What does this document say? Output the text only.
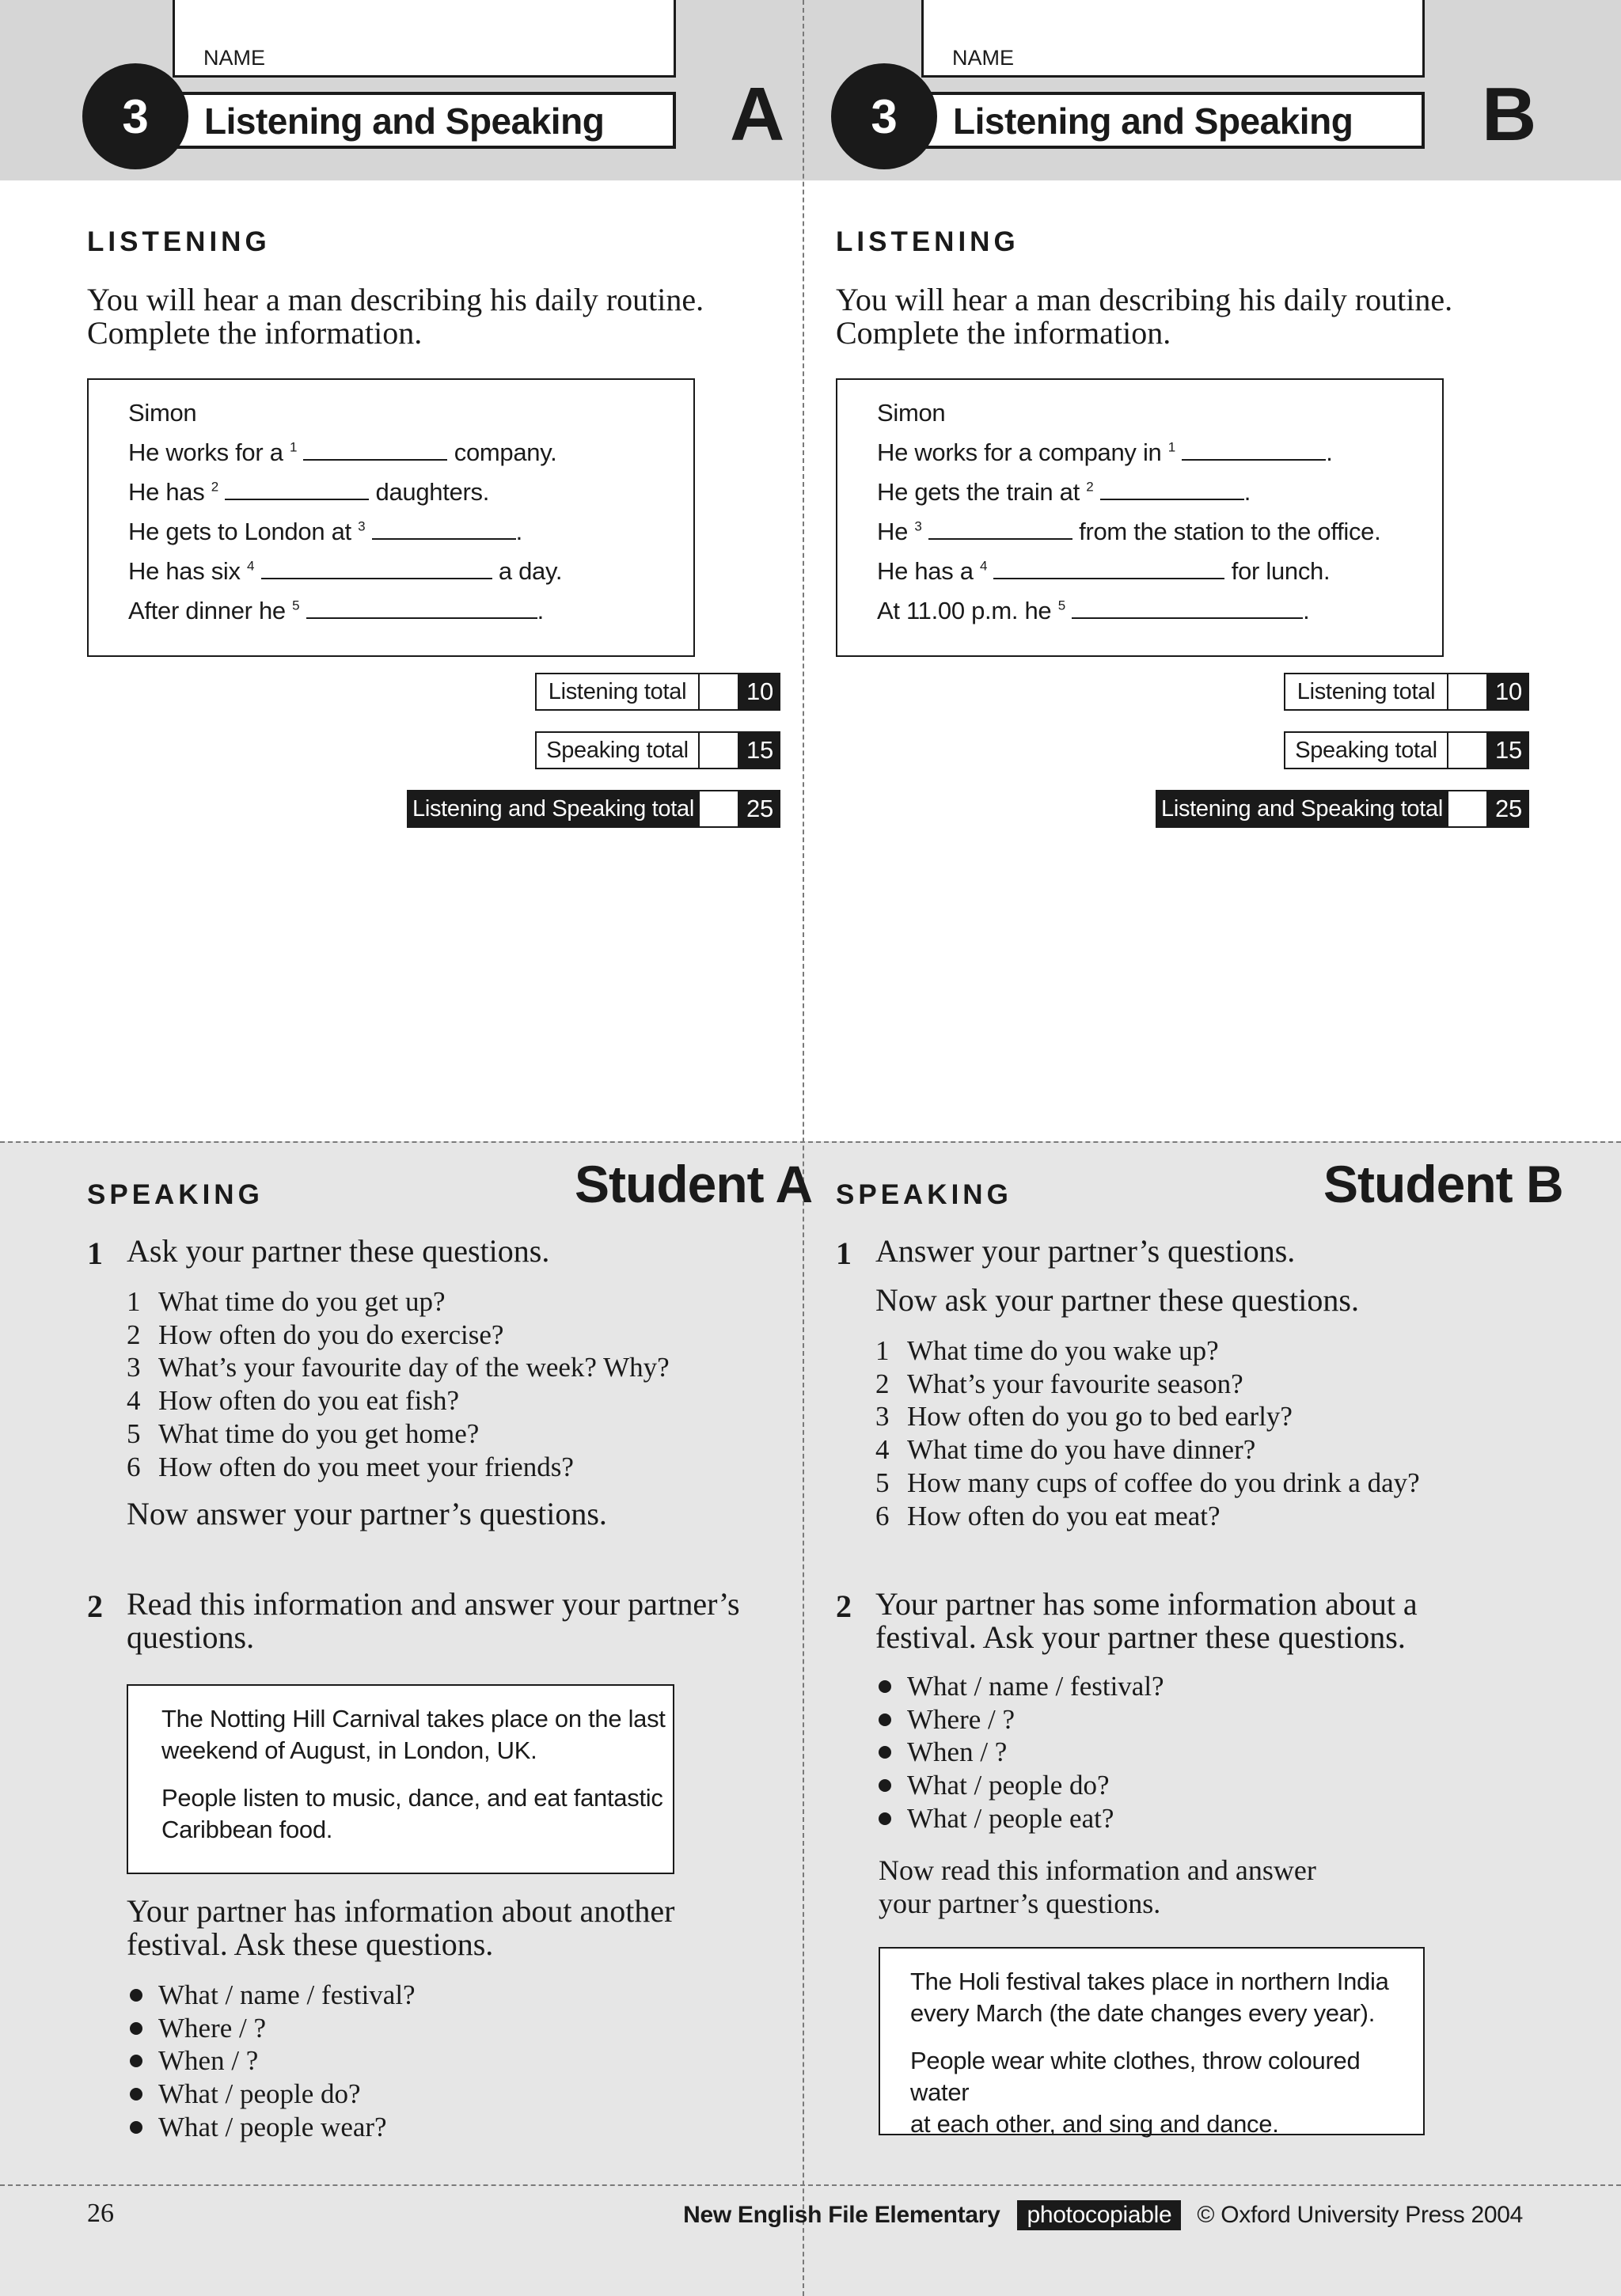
NAME
Listening and Speaking
3	A
NAME
Listening and Speaking
3	B
LISTENING
You will hear a man describing his daily routine.
Complete the information.
Simon
He works for a $^1$	company.
He has $^2$	daughters.
He gets to London at $^3$	.
He has six $^4$	a day.
After dinner he $^5$	.
LISTENING
You will hear a man describing his daily routine.
Complete the information.
Simon
He works for a company in $^1$	.
He gets the train at $^2$	.
He $^3$	from the station to the office.
He has a $^4$	for lunch.
At 11.00 p.m. he $^5$	.
Listening total	10
Speaking total	15
Listening and Speaking total 25
Listening total	10
Speaking total	15
Listening and Speaking total 25
SPEAKING	Student A
1 Ask your partner these questions.
1 What time do you get up?
2 How often do you do exercise?
3 What’s your favourite day of the week? Why?
4 How often do you eat fish?
5 What time do you get home?
6 How often do you meet your friends?
Now answer your partner’s questions.
2 Read this information and answer your partner’s
questions.
The Notting Hill Carnival takes place on the last
weekend of August, in London, UK.
People listen to music, dance, and eat fantastic
Caribbean food.
Your partner has information about another
festival. Ask these questions.
What / name / festival?
Where / ?
When / ?
What / people do?
What / people wear?
SPEAKING	Student B
1 Answer your partner’s questions.
Now ask your partner these questions.
1 What time do you wake up?
2 What’s your favourite season?
3 How often do you go to bed early?
4 What time do you have dinner?
5 How many cups of coffee do you drink a day?
6 How often do you eat meat?
2 Your partner has some information about a
festival. Ask your partner these questions.
What / name / festival?
Where / ?
When / ?
What / people do?
What / people eat?
Now read this information and answer
your partner’s questions.
The Holi festival takes place in northern India
every March (the date changes every year).
People wear white clothes, throw coloured water
at each other, and sing and dance.
26	New English File Elementary	photocopiable	© Oxford University Press 2004
